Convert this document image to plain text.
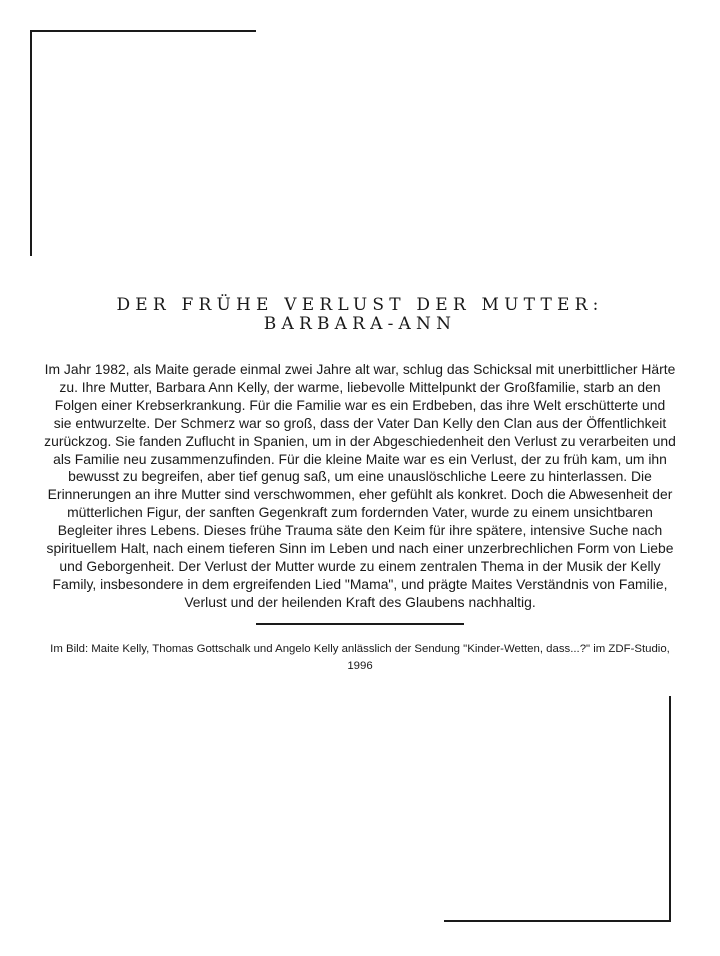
DER FRÜHE VERLUST DER MUTTER: BARBARA-ANN

Im Jahr 1982, als Maite gerade einmal zwei Jahre alt war, schlug das Schicksal mit unerbittlicher Härte zu. Ihre Mutter, Barbara Ann Kelly, der warme, liebevolle Mittelpunkt der Großfamilie, starb an den Folgen einer Krebserkrankung. Für die Familie war es ein Erdbeben, das ihre Welt erschütterte und sie entwurzelte. Der Schmerz war so groß, dass der Vater Dan Kelly den Clan aus der Öffentlichkeit zurückzog. Sie fanden Zuflucht in Spanien, um in der Abgeschiedenheit den Verlust zu verarbeiten und als Familie neu zusammenzufinden. Für die kleine Maite war es ein Verlust, der zu früh kam, um ihn bewusst zu begreifen, aber tief genug saß, um eine unauslöschliche Leere zu hinterlassen. Die Erinnerungen an ihre Mutter sind verschwommen, eher gefühlt als konkret. Doch die Abwesenheit der mütterlichen Figur, der sanften Gegenkraft zum fordernden Vater, wurde zu einem unsichtbaren Begleiter ihres Lebens. Dieses frühe Trauma säte den Keim für ihre spätere, intensive Suche nach spirituellem Halt, nach einem tieferen Sinn im Leben und nach einer unzerbrechlichen Form von Liebe und Geborgenheit. Der Verlust der Mutter wurde zu einem zentralen Thema in der Musik der Kelly Family, insbesondere in dem ergreifenden Lied "Mama", und prägte Maites Verständnis von Familie, Verlust und der heilenden Kraft des Glaubens nachhaltig.

Im Bild: Maite Kelly, Thomas Gottschalk und Angelo Kelly anlässlich der Sendung "Kinder-Wetten, dass...?" im ZDF-Studio, 1996
